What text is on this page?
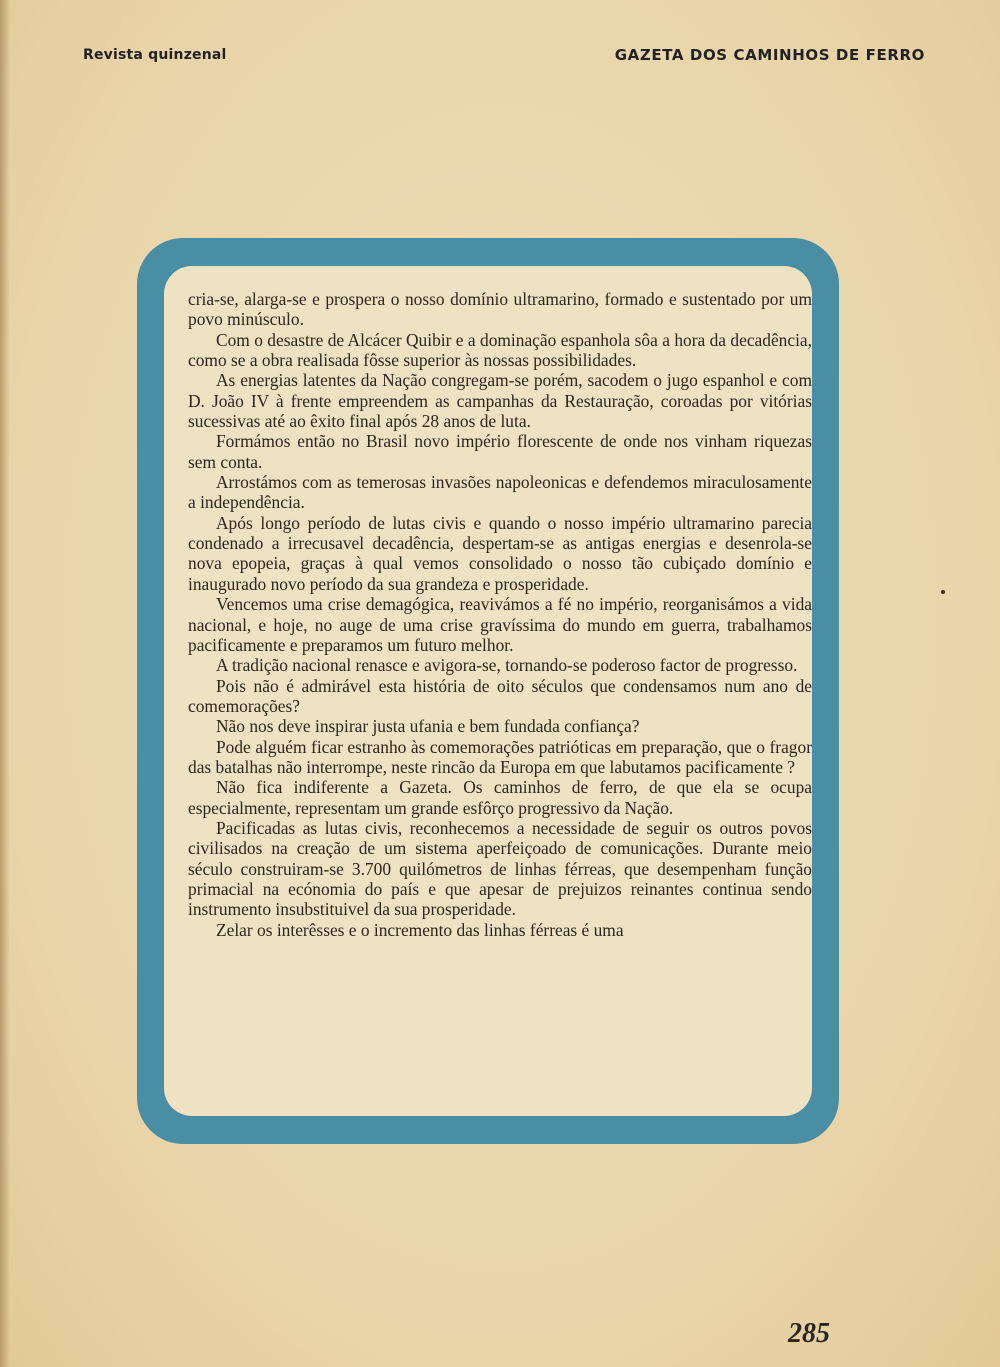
Revista quinzenal	GAZETA DOS CAMINHOS DE FERRO

cria-se, alarga-se e prospera o nosso domínio ultramarino, formado e sustentado por um povo minúsculo.

Com o desastre de Alcácer Quibir e a dominação espanhola sôa a hora da decadência, como se a obra realisada fôsse superior às nossas possibilidades.

As energias latentes da Nação congregam-se porém, sacodem o jugo espanhol e com D. João IV à frente empreendem as campanhas da Restauração, coroadas por vitórias sucessivas até ao êxito final após 28 anos de luta.

Formámos então no Brasil novo império florescente de onde nos vinham riquezas sem conta.

Arrostámos com as temerosas invasões napoleonicas e defendemos miraculosamente a independência.

Após longo período de lutas civis e quando o nosso império ultramarino parecia condenado a irrecusavel decadência, despertam-se as antigas energias e desenrola-se nova epopeia, graças à qual vemos consolidado o nosso tão cubiçado domínio e inaugurado novo período da sua grandeza e prosperidade.

Vencemos uma crise demagógica, reavivámos a fé no império, reorganisámos a vida nacional, e hoje, no auge de uma crise gravíssima do mundo em guerra, trabalhamos pacificamente e preparamos um futuro melhor.

A tradição nacional renasce e avigora-se, tornando-se poderoso factor de progresso.

Pois não é admirável esta história de oito séculos que condensamos num ano de comemorações?

Não nos deve inspirar justa ufania e bem fundada confiança?

Pode alguém ficar estranho às comemorações patrióticas em preparação, que o fragor das batalhas não interrompe, neste rincão da Europa em que labutamos pacificamente ?

Não fica indiferente a Gazeta. Os caminhos de ferro, de que ela se ocupa especialmente, representam um grande esfôrço progressivo da Nação.

Pacificadas as lutas civis, reconhecemos a necessidade de seguir os outros povos civilisados na creação de um sistema aperfeiçoado de comunicações. Durante meio século construiram-se 3.700 quilómetros de linhas férreas, que desempenham função primacial na ecónomia do país e que apesar de prejuizos reinantes continua sendo instrumento insubstituivel da sua prosperidade.

Zelar os interêsses e o incremento das linhas férreas é uma

285
